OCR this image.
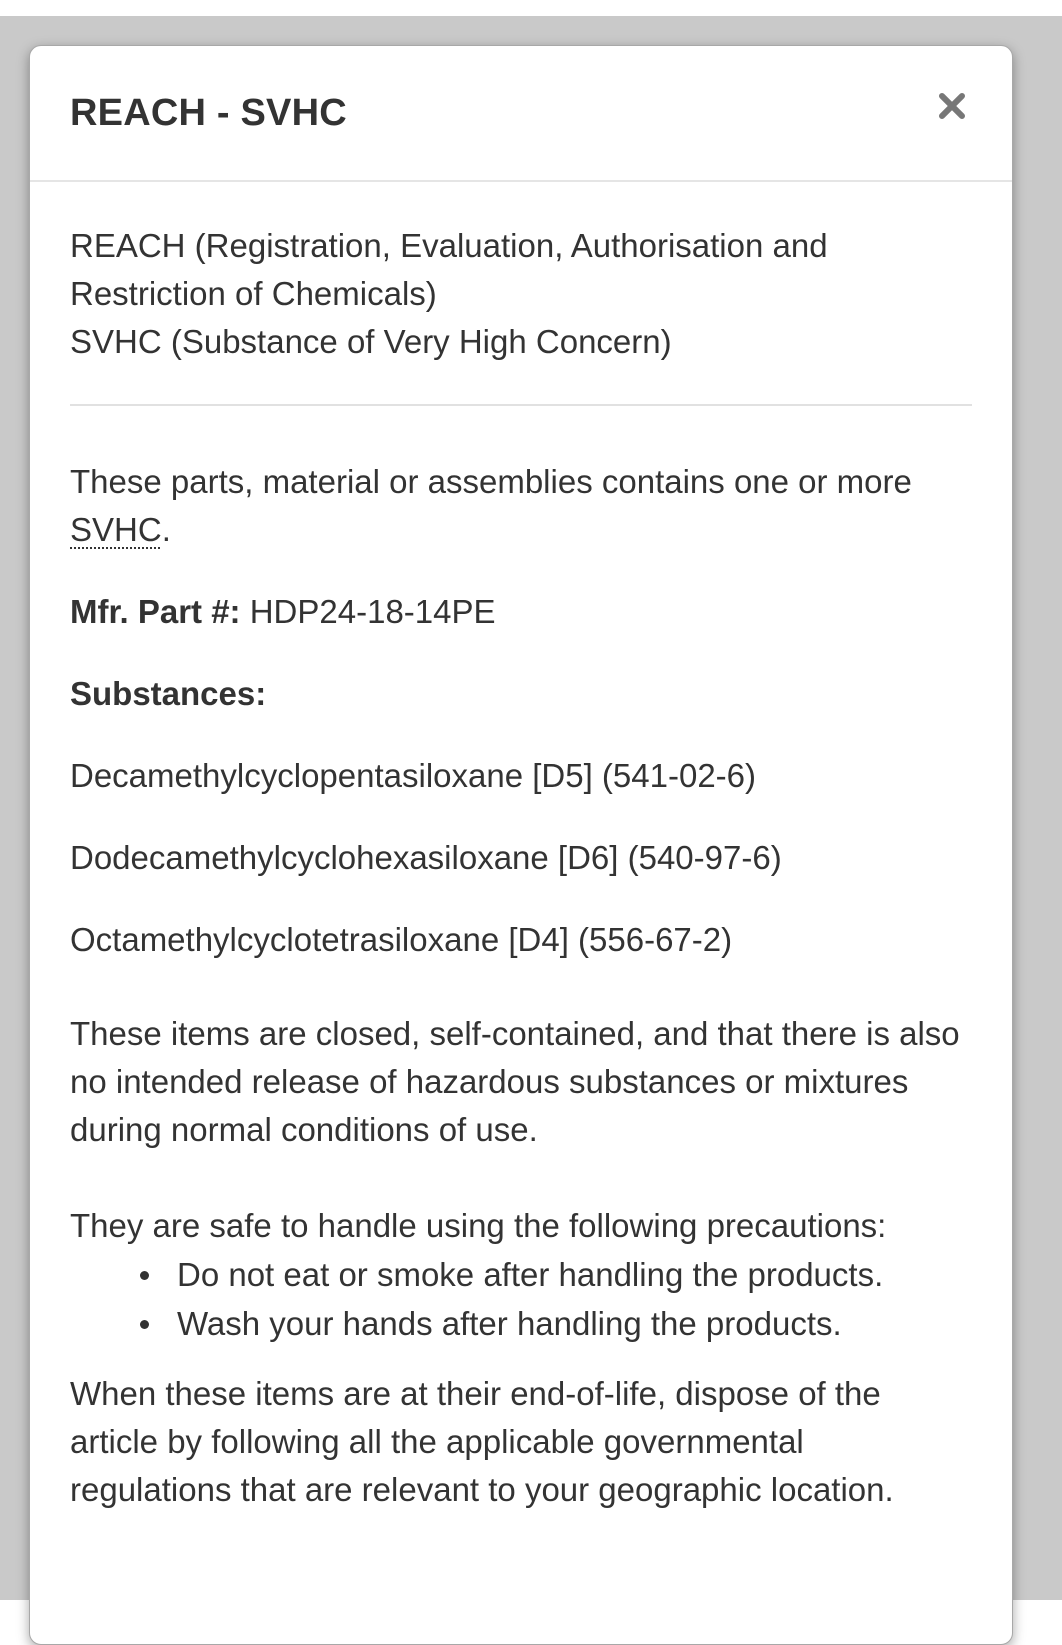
REACH - SVHC

REACH (Registration, Evaluation, Authorisation and

Restriction of Chemicals)

SVHC (Substance of Very High Concern)

These parts, material or assemblies contains one or more
SVHC.

Mfr. Part #: HDP24-18-14PE

Substances:

Decamethylcyclopentasiloxane [D5] (541-02-6)

Dodecamethylcyclohexasiloxane [D6] (540-97-6)

Octamethylcyclotetrasiloxane [D4] (556-67-2)

These items are closed, self-contained, and that there is also no intended release of hazardous substances or mixtures during normal conditions of use.

They are safe to handle using the following precautions:

Do not eat or smoke after handling the products.
Wash your hands after handling the products.

When these items are at their end-of-life, dispose of the article by following all the applicable governmental regulations that are relevant to your geographic location.
